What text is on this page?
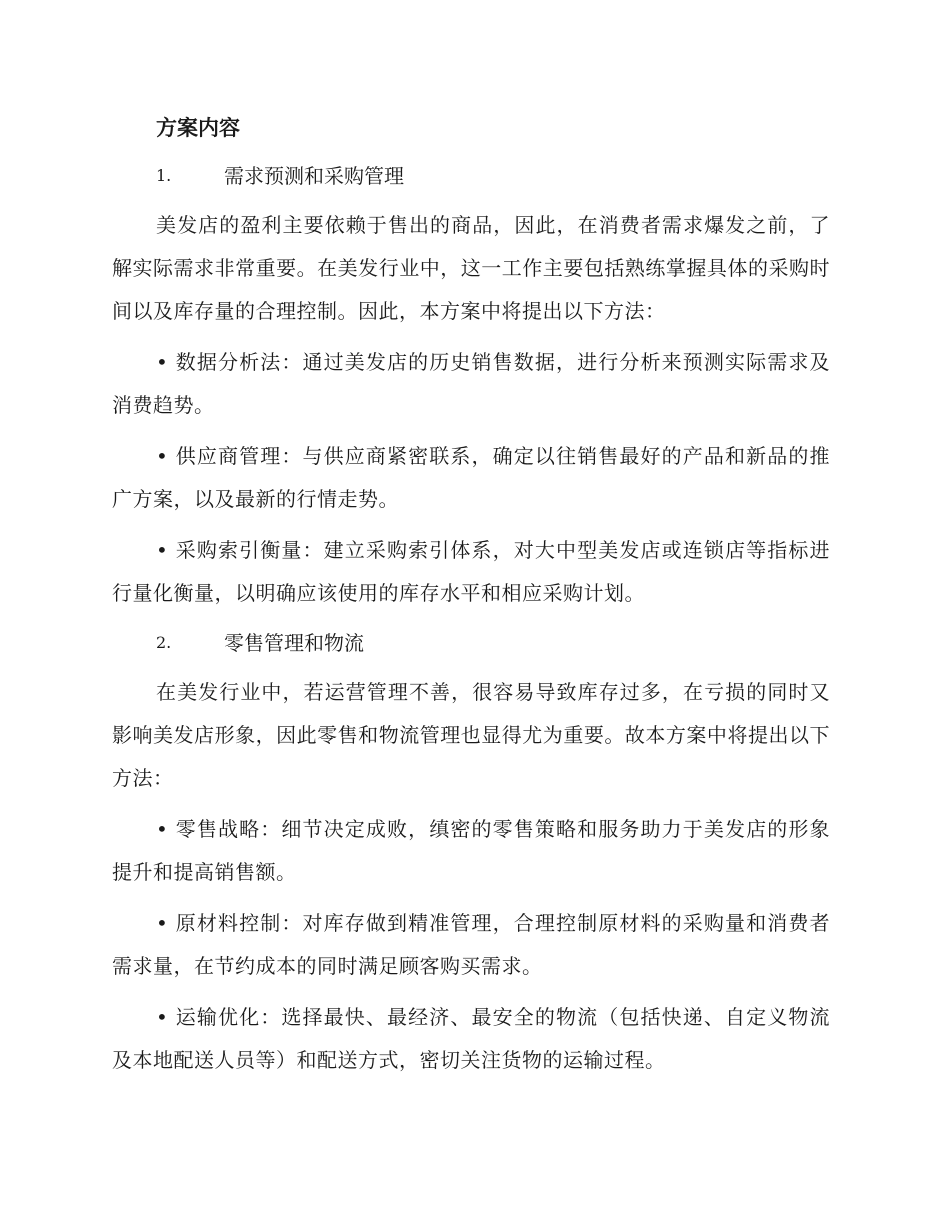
方案内容
1.	需求预测和采购管理

美发店的盈利主要依赖于售出的商品，因此，在消费者需求爆发之前，了解实际需求非常重要。在美发行业中，这一工作主要包括熟练掌握具体的采购时间以及库存量的合理控制。因此，本方案中将提出以下方法：

• 数据分析法：通过美发店的历史销售数据，进行分析来预测实际需求及消费趋势。

• 供应商管理：与供应商紧密联系，确定以往销售最好的产品和新品的推广方案，以及最新的行情走势。

• 采购索引衡量：建立采购索引体系，对大中型美发店或连锁店等指标进行量化衡量，以明确应该使用的库存水平和相应采购计划。

2.	零售管理和物流

在美发行业中，若运营管理不善，很容易导致库存过多，在亏损的同时又影响美发店形象，因此零售和物流管理也显得尤为重要。故本方案中将提出以下方法：

• 零售战略：细节决定成败，缜密的零售策略和服务助力于美发店的形象提升和提高销售额。

• 原材料控制：对库存做到精准管理，合理控制原材料的采购量和消费者需求量，在节约成本的同时满足顾客购买需求。

• 运输优化：选择最快、最经济、最安全的物流（包括快递、自定义物流及本地配送人员等）和配送方式，密切关注货物的运输过程。
